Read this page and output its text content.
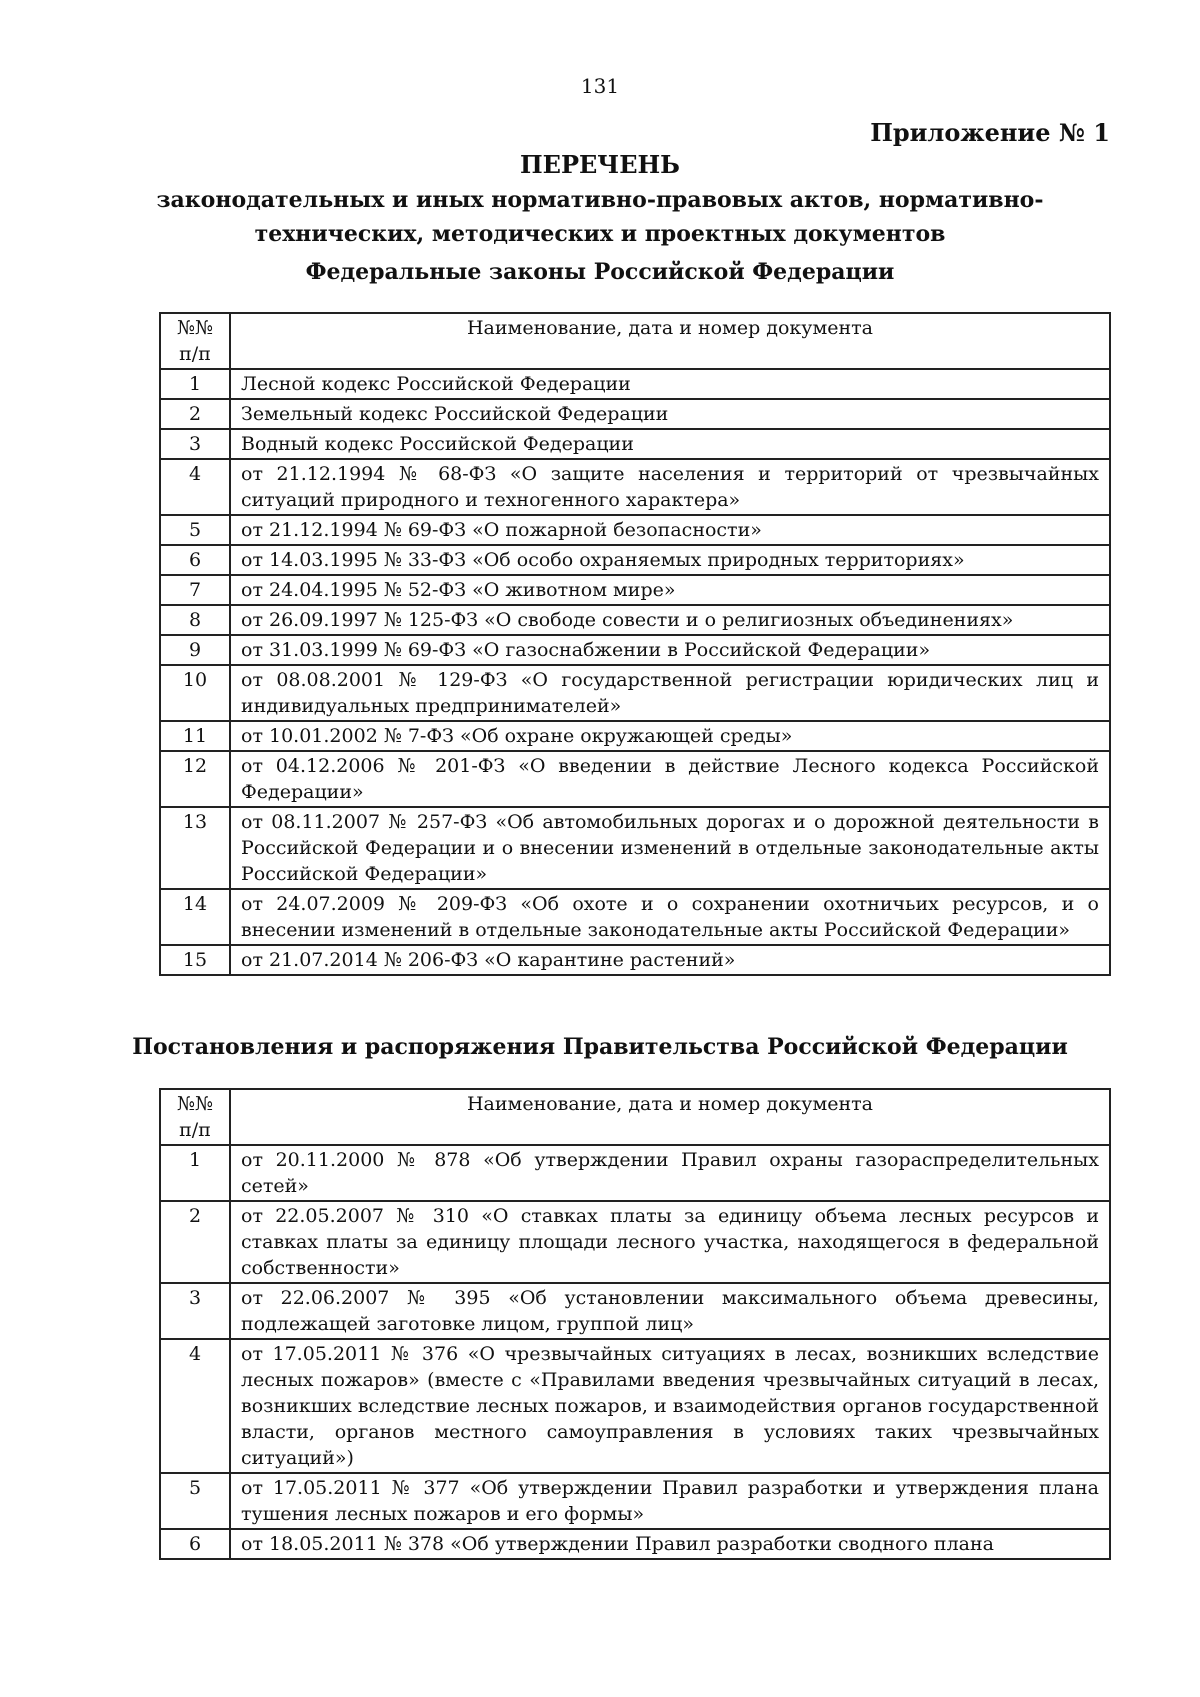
131
Приложение № 1
ПЕРЕЧЕНЬ
законодательных и иных нормативно-правовых актов, нормативно-технических, методических и проектных документов
Федеральные законы Российской Федерации
№№ п/п	Наименование, дата и номер документа
1	Лесной кодекс Российской Федерации
2	Земельный кодекс Российской Федерации
3	Водный кодекс Российской Федерации
4	от 21.12.1994 № 68-ФЗ «О защите населения и территорий от чрезвычайных ситуаций природного и техногенного характера»
5	от 21.12.1994 № 69-ФЗ «О пожарной безопасности»
6	от 14.03.1995 № 33-ФЗ «Об особо охраняемых природных территориях»
7	от 24.04.1995 № 52-ФЗ «О животном мире»
8	от 26.09.1997 № 125-ФЗ «О свободе совести и о религиозных объединениях»
9	от 31.03.1999 № 69-ФЗ «О газоснабжении в Российской Федерации»
10	от 08.08.2001 № 129-ФЗ «О государственной регистрации юридических лиц и индивидуальных предпринимателей»
11	от 10.01.2002 № 7-ФЗ «Об охране окружающей среды»
12	от 04.12.2006 № 201-ФЗ «О введении в действие Лесного кодекса Российской Федерации»
13	от 08.11.2007 № 257-ФЗ «Об автомобильных дорогах и о дорожной деятельности в Российской Федерации и о внесении изменений в отдельные законодательные акты Российской Федерации»
14	от 24.07.2009 № 209-ФЗ «Об охоте и о сохранении охотничьих ресурсов, и о внесении изменений в отдельные законодательные акты Российской Федерации»
15	от 21.07.2014 № 206-ФЗ «О карантине растений»
Постановления и распоряжения Правительства Российской Федерации
№№ п/п	Наименование, дата и номер документа
1	от 20.11.2000 № 878 «Об утверждении Правил охраны газораспределительных сетей»
2	от 22.05.2007 № 310 «О ставках платы за единицу объема лесных ресурсов и ставках платы за единицу площади лесного участка, находящегося в федеральной собственности»
3	от 22.06.2007 № 395 «Об установлении максимального объема древесины, подлежащей заготовке лицом, группой лиц»
4	от 17.05.2011 № 376 «О чрезвычайных ситуациях в лесах, возникших вследствие лесных пожаров» (вместе с «Правилами введения чрезвычайных ситуаций в лесах, возникших вследствие лесных пожаров, и взаимодействия органов государственной власти, органов местного самоуправления в условиях таких чрезвычайных ситуаций»)
5	от 17.05.2011 № 377 «Об утверждении Правил разработки и утверждения плана тушения лесных пожаров и его формы»
6	от 18.05.2011 № 378 «Об утверждении Правил разработки сводного плана
